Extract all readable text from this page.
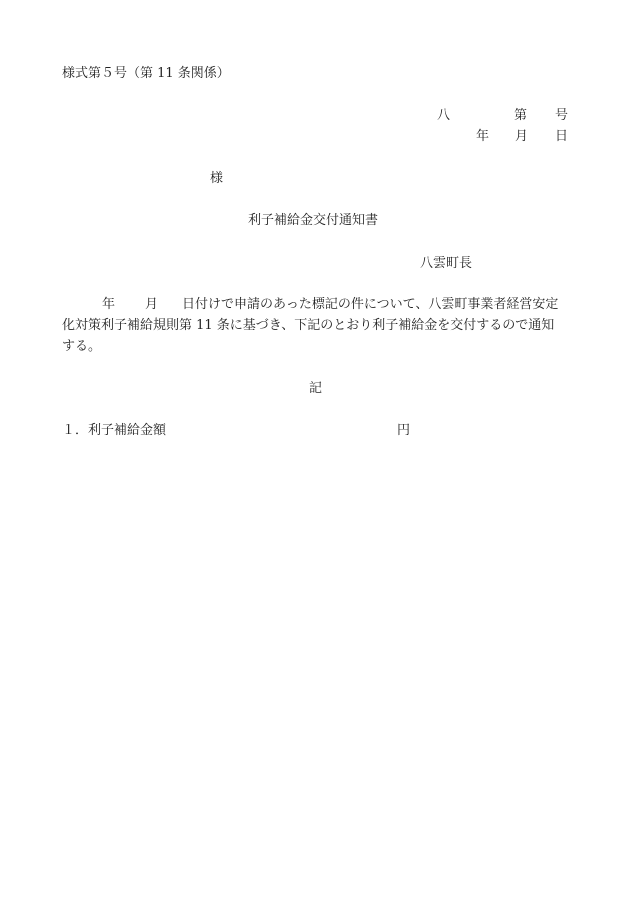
様式第５号（第 11 条関係）
八	第 号
年 月 日
様
利子補給金交付通知書
八雲町長
年 月 日付けで申請のあった標記の件について、八雲町事業者経営安定
化対策利子補給規則第 11 条に基づき、下記のとおり利子補給金を交付するので通知
する。
記
１．利子補給金額	円
